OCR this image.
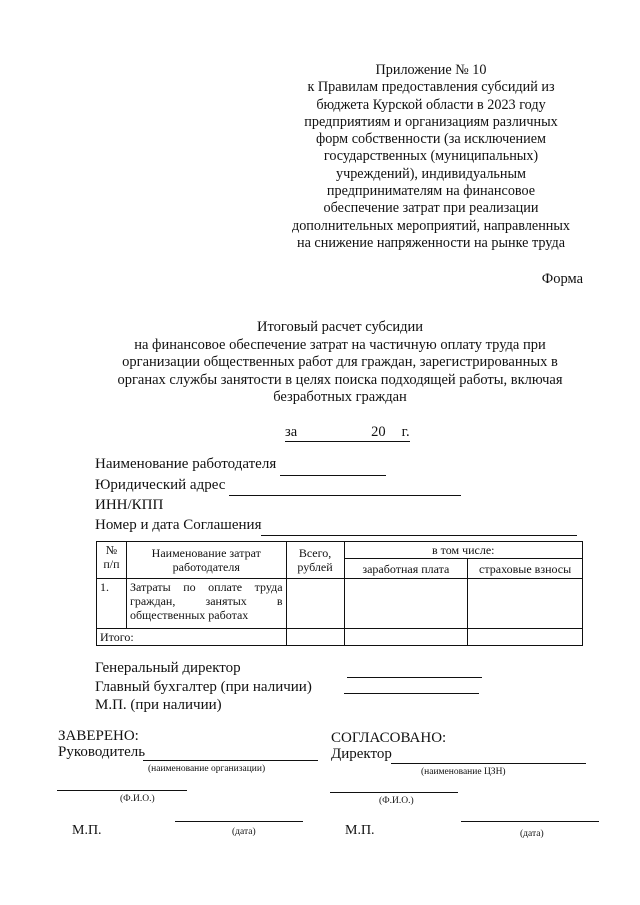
Приложение № 10
к Правилам предоставления субсидий из
бюджета Курской области в 2023 году
предприятиям и организациям различных
форм собственности (за исключением
государственных (муниципальных)
учреждений), индивидуальным
предпринимателям на финансовое
обеспечение затрат при реализации
дополнительных мероприятий, направленных
на снижение напряженности на рынке труда
Форма
Итоговый расчет субсидии
на финансовое обеспечение затрат на частичную оплату труда при
организации общественных работ для граждан, зарегистрированных в
органах службы занятости в целях поиска подходящей работы, включая
безработных граждан
за	20 г.
Наименование работодателя
Юридический адрес
ИНН/КПП
Номер и дата Соглашения
№ п/п	Наименование затрат работодателя	Всего, рублей	в том числе:	
			заработная плата	страховые взносы
1.	Затраты по оплате труда граждан, занятых в общественных работах			
Итого:				
Генеральный директор
Главный бухгалтер (при наличии)
М.П. (при наличии)
ЗАВЕРЕНО:
Руководитель
(наименование организации)
(Ф.И.О.)
М.П.	(дата)
СОГЛАСОВАНО:
Директор
(наименование ЦЗН)
(Ф.И.О.)
М.П.	(дата)
